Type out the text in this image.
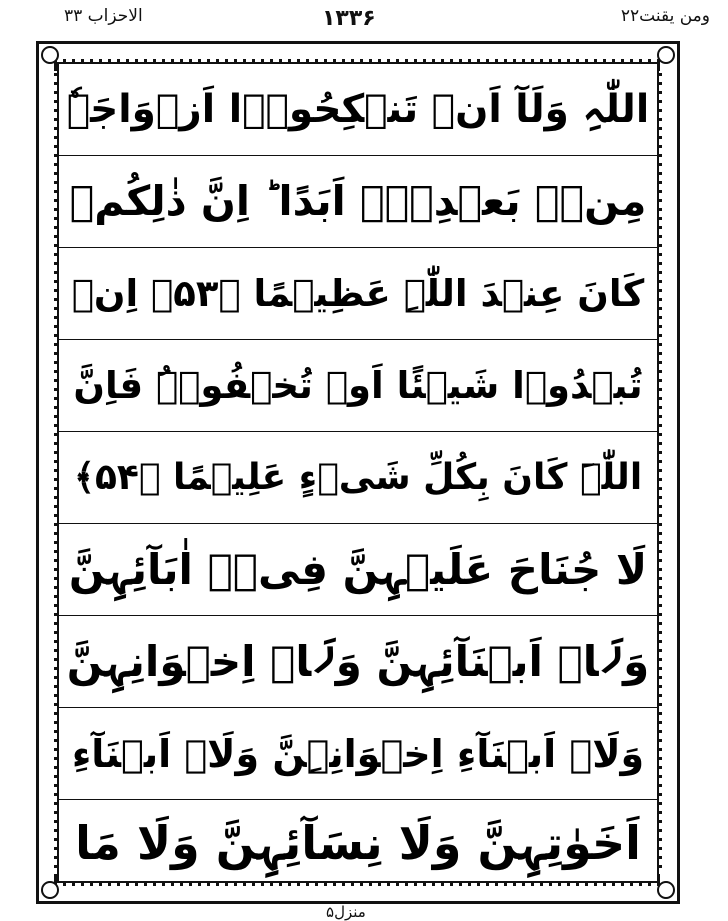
الاحزاب ۳۳	۱۳۳۶	ومن یقنت۲۲
اللّٰہِ وَلَآ اَنۡ تَنۡکِحُوۡۤا اَزۡوَاجَہٗ
مِنۡۢ بَعۡدِہٖۤ اَبَدًا ؕ اِنَّ ذٰلِکُمۡ
کَانَ عِنۡدَ اللّٰہِ عَظِیۡمًا ﴿۵۳﴾ اِنۡ
تُبۡدُوۡا شَیۡئًا اَوۡ تُخۡفُوۡہُ فَاِنَّ
اللّٰہَ کَانَ بِکُلِّ شَیۡءٍ عَلِیۡمًا ﴿۵۴﴾
لَا جُنَاحَ عَلَیۡہِنَّ فِیۡۤ اٰبَآئِہِنَّ
وَلَاۤ اَبۡنَآئِہِنَّ وَلَاۤ اِخۡوَانِہِنَّ
وَلَاۤ اَبۡنَآءِ اِخۡوَانِہِنَّ وَلَاۤ اَبۡنَآءِ
اَخَوٰتِہِنَّ وَلَا نِسَآئِہِنَّ وَلَا مَا
منزل۵
